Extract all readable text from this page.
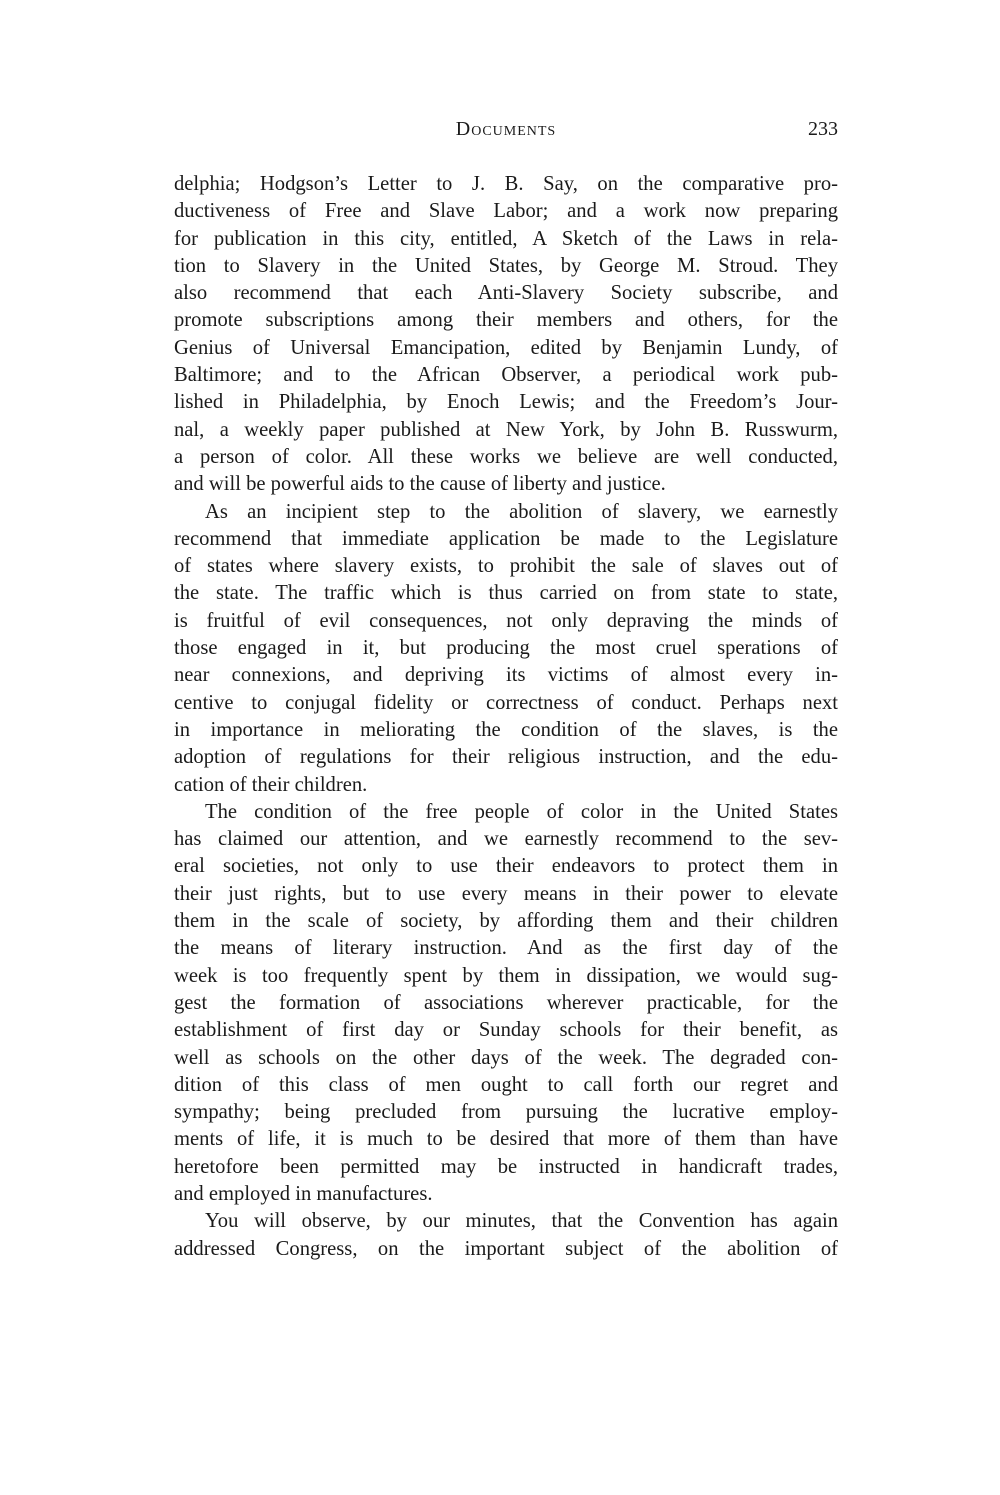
Documents	233
delphia; Hodgson’s Letter to J. B. Say, on the comparative pro-
ductiveness of Free and Slave Labor; and a work now preparing
for publication in this city, entitled, A Sketch of the Laws in rela-
tion to Slavery in the United States, by George M. Stroud. They
also recommend that each Anti-Slavery Society subscribe, and
promote subscriptions among their members and others, for the
Genius of Universal Emancipation, edited by Benjamin Lundy, of
Baltimore; and to the African Observer, a periodical work pub-
lished in Philadelphia, by Enoch Lewis; and the Freedom’s Jour-
nal, a weekly paper published at New York, by John B. Russwurm,
a person of color. All these works we believe are well conducted,
and will be powerful aids to the cause of liberty and justice.
As an incipient step to the abolition of slavery, we earnestly
recommend that immediate application be made to the Legislature
of states where slavery exists, to prohibit the sale of slaves out of
the state. The traffic which is thus carried on from state to state,
is fruitful of evil consequences, not only depraving the minds of
those engaged in it, but producing the most cruel sperations of
near connexions, and depriving its victims of almost every in-
centive to conjugal fidelity or correctness of conduct. Perhaps next
in importance in meliorating the condition of the slaves, is the
adoption of regulations for their religious instruction, and the edu-
cation of their children.
The condition of the free people of color in the United States
has claimed our attention, and we earnestly recommend to the sev-
eral societies, not only to use their endeavors to protect them in
their just rights, but to use every means in their power to elevate
them in the scale of society, by affording them and their children
the means of literary instruction. And as the first day of the
week is too frequently spent by them in dissipation, we would sug-
gest the formation of associations wherever practicable, for the
establishment of first day or Sunday schools for their benefit, as
well as schools on the other days of the week. The degraded con-
dition of this class of men ought to call forth our regret and
sympathy; being precluded from pursuing the lucrative employ-
ments of life, it is much to be desired that more of them than have
heretofore been permitted may be instructed in handicraft trades,
and employed in manufactures.
You will observe, by our minutes, that the Convention has again
addressed Congress, on the important subject of the abolition of
